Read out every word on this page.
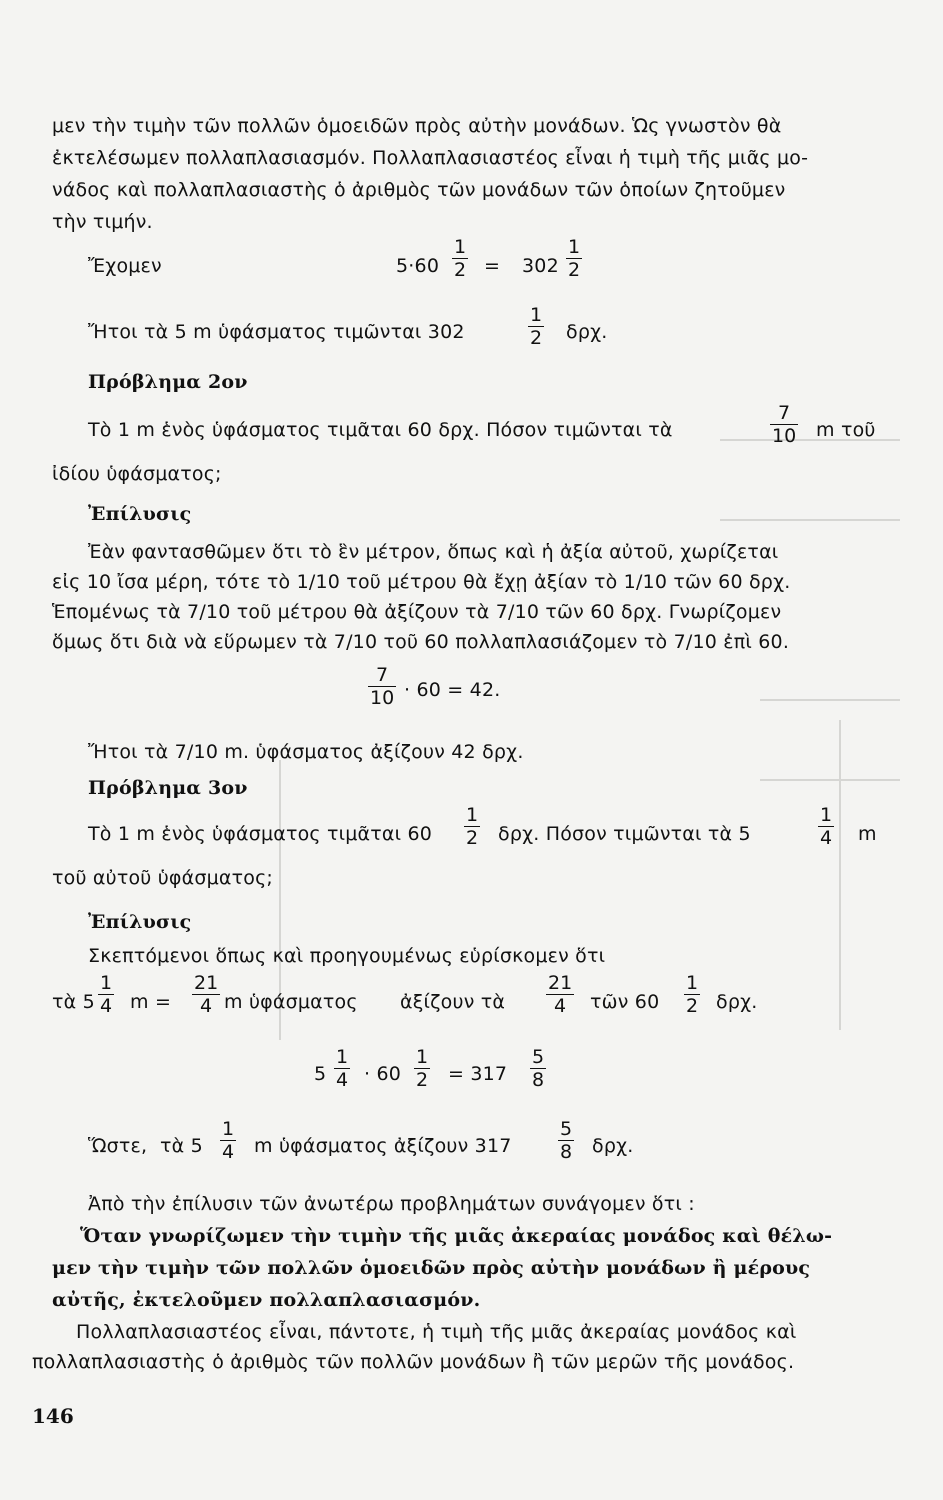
μεν τὴν τιμὴν τῶν πολλῶν ὁμοειδῶν πρὸς αὐτὴν μονάδων. Ὡς γνωστὸν θὰ
ἐκτελέσωμεν πολλαπλασιασμόν. Πολλαπλασιαστέος εἶναι ἡ τιμὴ τῆς μιᾶς μο-
νάδος καὶ πολλαπλασιαστὴς ὁ ἀριθμὸς τῶν μονάδων τῶν ὁποίων ζητοῦμεν
τὴν τιμήν.
Ἔχομεν	5·60
1
2 = 302
1
2
Ἤτοι τὰ 5 m ὑφάσματος τιμῶνται 302
1
2 δρχ.
Πρόβλημα 2ον
Τὸ 1 m ἑνὸς ὑφάσματος τιμᾶται 60 δρχ. Πόσον τιμῶνται τὰ
7
10 m τοῦ
ἰδίου ὑφάσματος;
Ἐπίλυσις
Ἐὰν φαντασθῶμεν ὅτι τὸ ἓν μέτρον, ὅπως καὶ ἡ ἀξία αὐτοῦ, χωρίζεται
εἰς 10 ἴσα μέρη, τότε τὸ 1/10 τοῦ μέτρου θὰ ἔχῃ ἀξίαν τὸ 1/10 τῶν 60 δρχ.
Ἑπομένως τὰ 7/10 τοῦ μέτρου θὰ ἀξίζουν τὰ 7/10 τῶν 60 δρχ. Γνωρίζομεν
ὅμως ὅτι διὰ νὰ εὕρωμεν τὰ 7/10 τοῦ 60 πολλαπλασιάζομεν τὸ 7/10 ἐπὶ 60.
7
10 · 60 = 42.
Ἤτοι τὰ 7/10 m. ὑφάσματος ἀξίζουν 42 δρχ.
Πρόβλημα 3ον
Τὸ 1 m ἑνὸς ὑφάσματος τιμᾶται 60
1
2 δρχ. Πόσον τιμῶνται τὰ 5
1
4 m
τοῦ αὐτοῦ ὑφάσματος;
Ἐπίλυσις
Σκεπτόμενοι ὅπως καὶ προηγουμένως εὑρίσκομεν ὅτι
τὰ 5
1
4 m =
21
4 m ὑφάσματος ἀξίζουν τὰ
21
4 τῶν 60
1
2 δρχ.
5
1
4 · 60
1
2 = 317
5
8
Ὥστε, τὰ 5
1
4 m ὑφάσματος ἀξίζουν 317
5
8 δρχ.
Ἀπὸ τὴν ἐπίλυσιν τῶν ἀνωτέρω προβλημάτων συνάγομεν ὅτι :
Ὅταν γνωρίζωμεν τὴν τιμὴν τῆς μιᾶς ἀκεραίας μονάδος καὶ θέλω-
μεν τὴν τιμὴν τῶν πολλῶν ὁμοειδῶν πρὸς αὐτὴν μονάδων ἢ μέρους
αὐτῆς, ἐκτελοῦμεν πολλαπλασιασμόν.
Πολλαπλασιαστέος εἶναι, πάντοτε, ἡ τιμὴ τῆς μιᾶς ἀκεραίας μονάδος καὶ
πολλαπλασιαστὴς ὁ ἀριθμὸς τῶν πολλῶν μονάδων ἢ τῶν μερῶν τῆς μονάδος.
146
